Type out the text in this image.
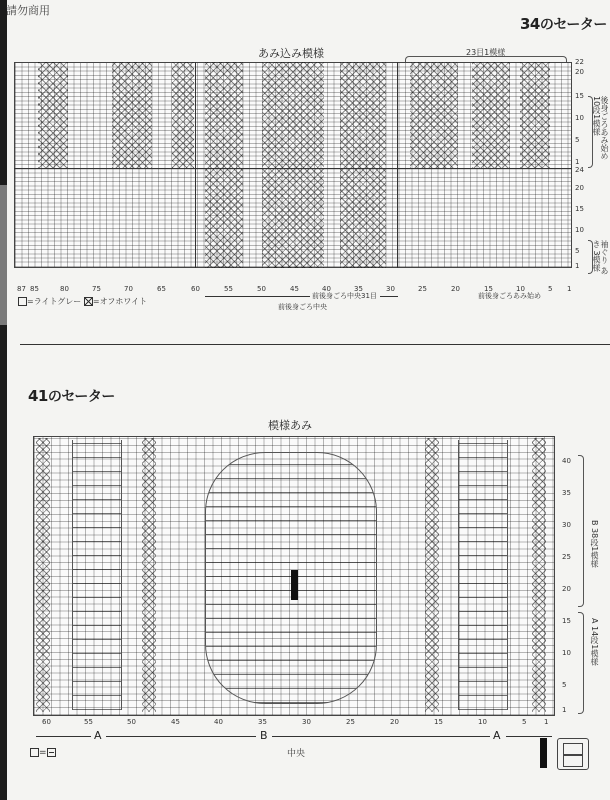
請勿商用
34のセーター
あみ込み模様	23目1模様
22
20
15
10
5
1
24
20
15
10
5
1
後身ごろあみ始め 10段1模様
袖ぐり あき 3模様
87 85	80	75	70	65	60	55	50	45	40	35	30	25	20	15	10	5 1
=ライトグレー =オフホワイト
前後身ごろ中央31目
前後身ごろ中央
前後身ごろあみ始め
41のセーター
模様あみ
40
35
30
25
20
15
10
5
1
B 38段1模様
A 14段1模様
60	55	50	45	40	35	30	25	20	15	10	5	1
A	B	A
中央
=
